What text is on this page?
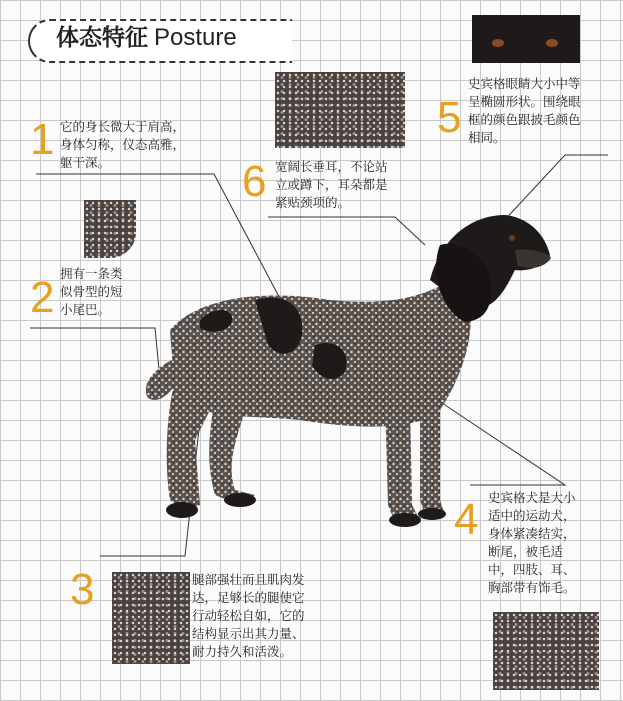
体态特征 Posture
1 它的身长微大于肩高，
身体匀称，仪态高雅，
躯干深。
2 拥有一条类
似骨型的短
小尾巴。
6 宽阔长垂耳，不论站
立或蹲下，耳朵都是
紧贴颈项的。
5
史宾格眼睛大小中等
呈椭圆形状。围绕眼
框的颜色跟披毛颜色
相同。
4 史宾格犬是大小
适中的运动犬，
身体紧凑结实，
断尾，被毛适
中，四肢、耳、
胸部带有饰毛。
3	腿部强壮而且肌肉发
达，足够长的腿使它
行动轻松自如，它的
结构显示出其力量、
耐力持久和活泼。
